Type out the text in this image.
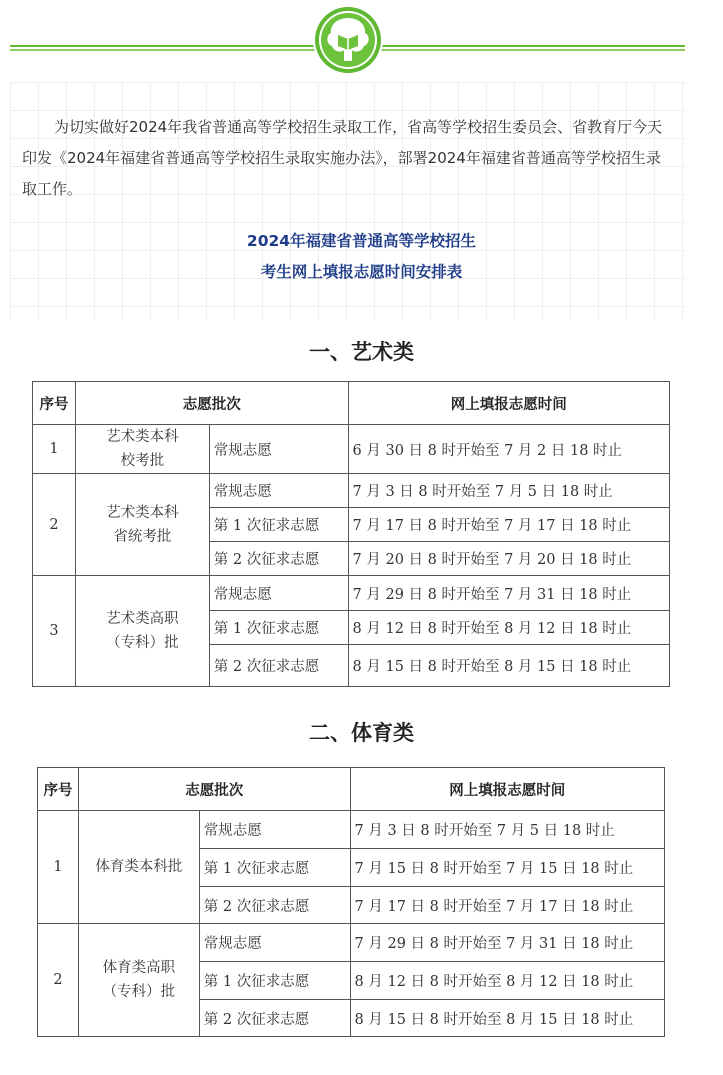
为切实做好2024年我省普通高等学校招生录取工作，省高等学校招生委员会、省教育厅今天印发《2024年福建省普通高等学校招生录取实施办法》，部署2024年福建省普通高等学校招生录取工作。

2024年福建省普通高等学校招生

考生网上填报志愿时间安排表

一、艺术类
序号	志愿批次		网上填报志愿时间
1	艺术类本科
校考批	常规志愿	6 月 30 日 8 时开始至 7 月 2 日 18 时止
2	艺术类本科
省统考批	常规志愿	7 月 3 日 8 时开始至 7 月 5 日 18 时止
		第 1 次征求志愿	7 月 17 日 8 时开始至 7 月 17 日 18 时止
		第 2 次征求志愿	7 月 20 日 8 时开始至 7 月 20 日 18 时止
3	艺术类高职
（专科）批	常规志愿	7 月 29 日 8 时开始至 7 月 31 日 18 时止
		第 1 次征求志愿	8 月 12 日 8 时开始至 8 月 12 日 18 时止
		第 2 次征求志愿	8 月 15 日 8 时开始至 8 月 15 日 18 时止
二、体育类
序号	志愿批次		网上填报志愿时间
1	体育类本科批	常规志愿	7 月 3 日 8 时开始至 7 月 5 日 18 时止
		第 1 次征求志愿	7 月 15 日 8 时开始至 7 月 15 日 18 时止
		第 2 次征求志愿	7 月 17 日 8 时开始至 7 月 17 日 18 时止
2	体育类高职
（专科）批	常规志愿	7 月 29 日 8 时开始至 7 月 31 日 18 时止
		第 1 次征求志愿	8 月 12 日 8 时开始至 8 月 12 日 18 时止
		第 2 次征求志愿	8 月 15 日 8 时开始至 8 月 15 日 18 时止
